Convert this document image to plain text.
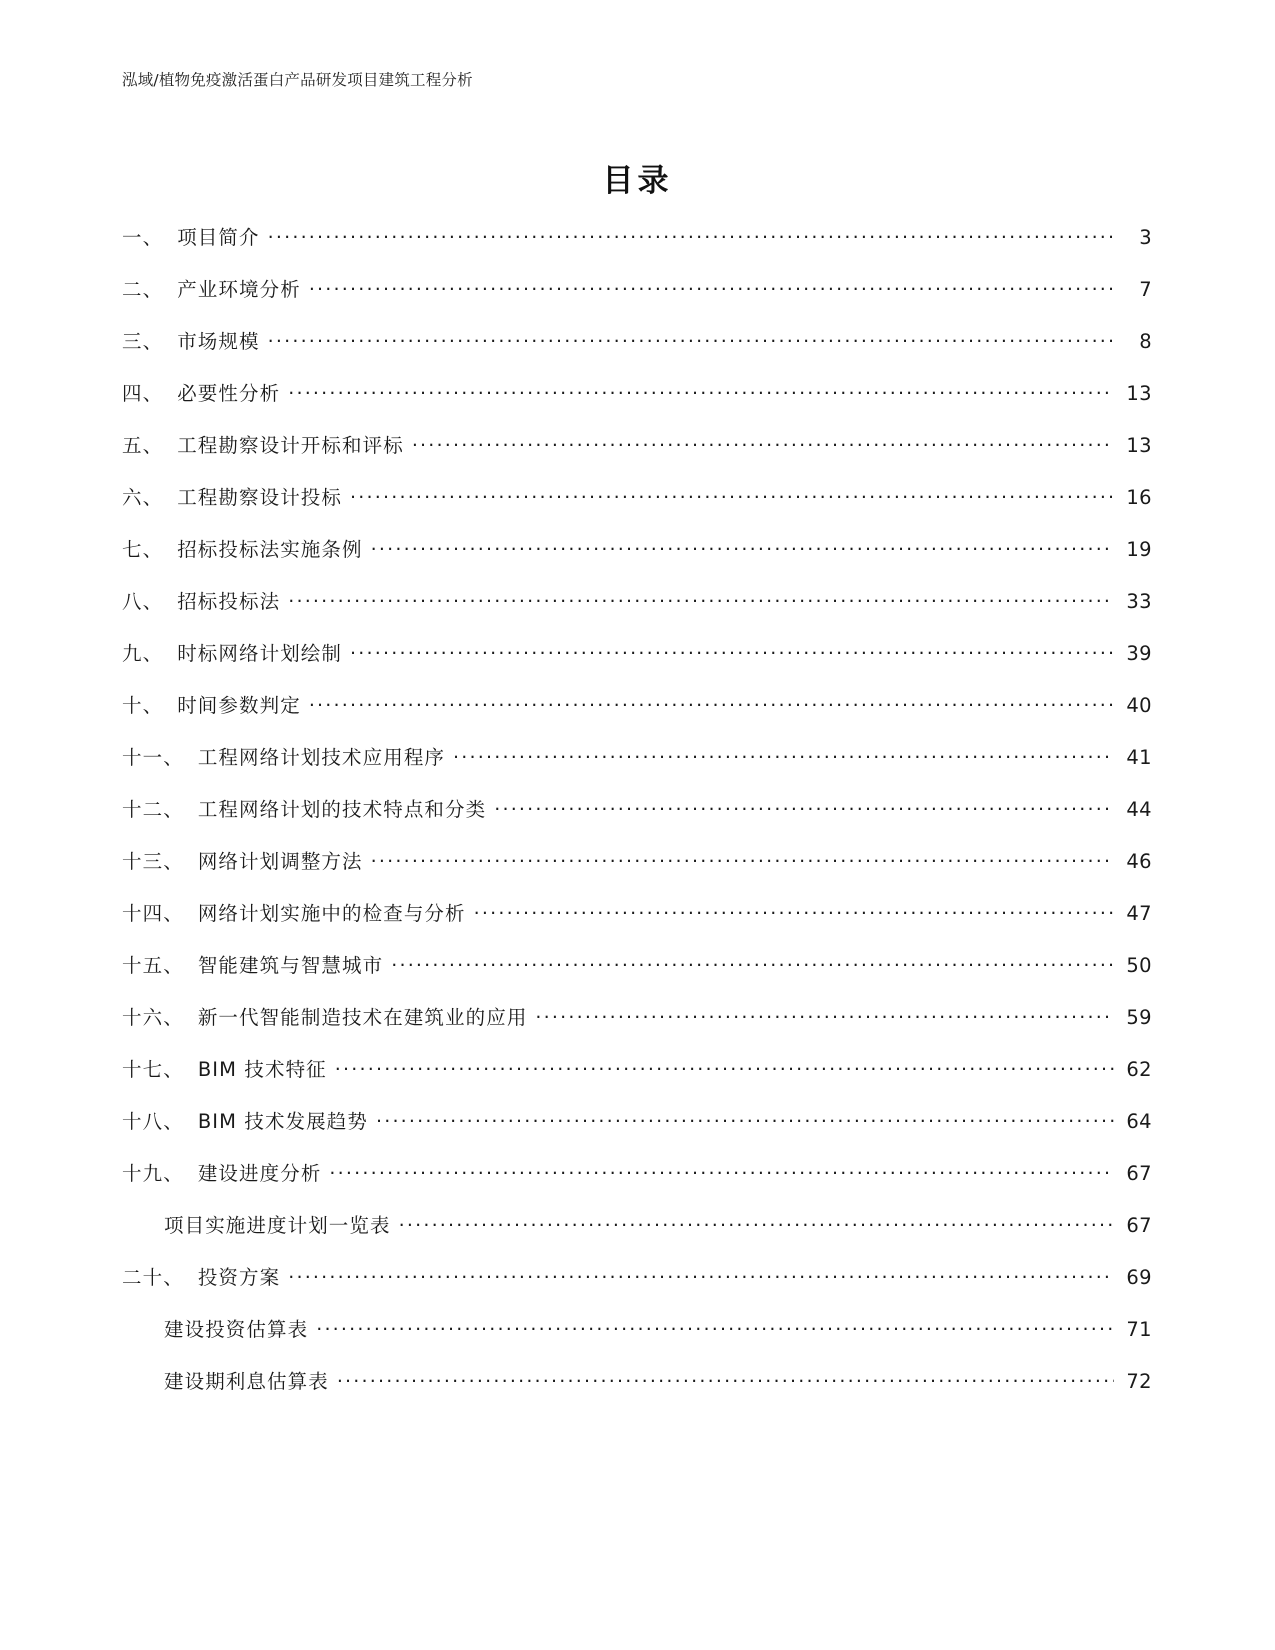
泓域/植物免疫激活蛋白产品研发项目建筑工程分析
目录
一、 项目简介 .....	3
二、 产业环境分析 .....	7
三、 市场规模 .....	8
四、 必要性分析 .....	13
五、 工程勘察设计开标和评标 .....	13
六、 工程勘察设计投标 .....	16
七、 招标投标法实施条例 .....	19
八、 招标投标法 .....	33
九、 时标网络计划绘制 .....	39
十、 时间参数判定 .....	40
十一、 工程网络计划技术应用程序 .....	41
十二、 工程网络计划的技术特点和分类 .....	44
十三、 网络计划调整方法 .....	46
十四、 网络计划实施中的检查与分析 .....	47
十五、 智能建筑与智慧城市 .....	50
十六、 新一代智能制造技术在建筑业的应用 .....	59
十七、 BIM 技术特征 .....	62
十八、 BIM 技术发展趋势 .....	64
十九、 建设进度分析 .....	67
项目实施进度计划一览表 .....	67
二十、 投资方案 .....	69
建设投资估算表 .....	71
建设期利息估算表 .....	72
